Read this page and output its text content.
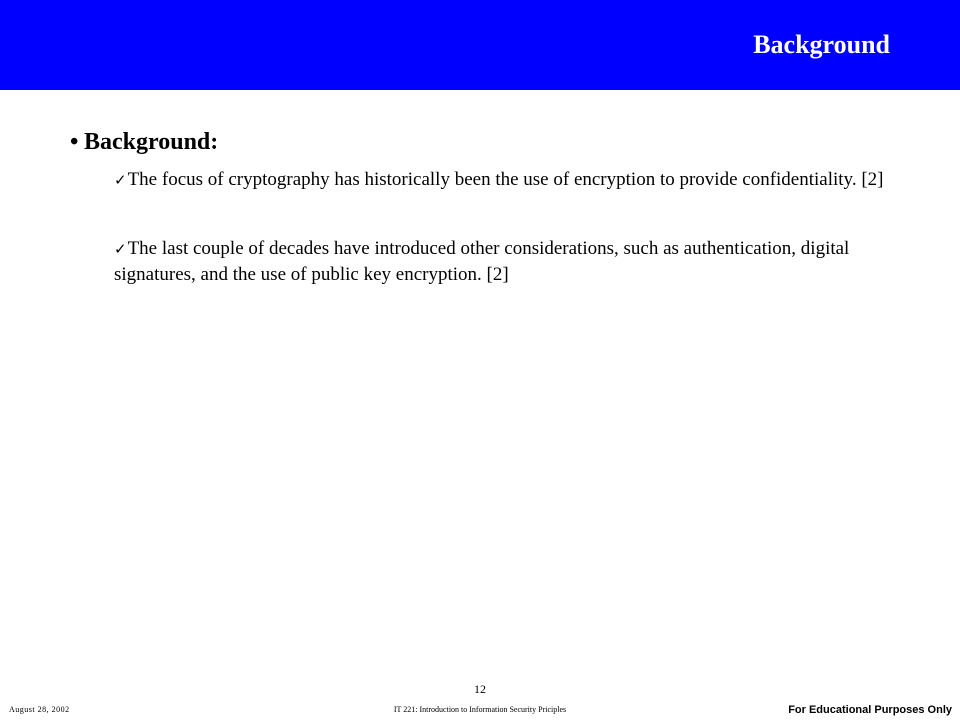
Background

• Background:

✓The focus of cryptography has historically been the use of encryption to provide confidentiality. [2]
✓The last couple of decades have introduced other considerations, such as authentication, digital signatures, and the use of public key encryption. [2]
12
August 28, 2002	IT 221: Introduction to Information Security Priciples	For Educational Purposes Only
